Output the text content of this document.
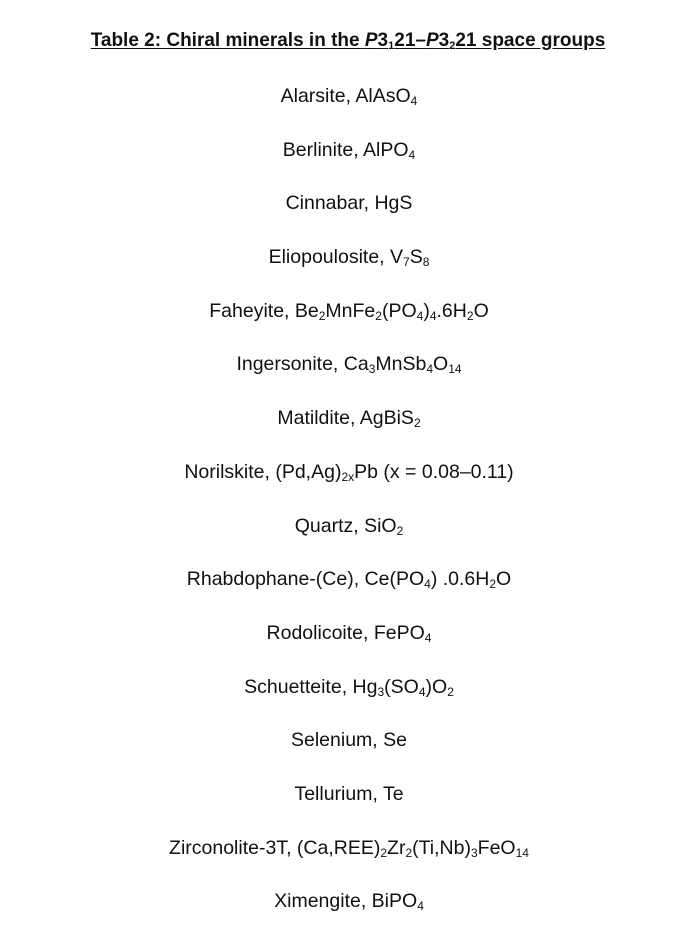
Table 2: Chiral minerals in the $P3_121-P3_221$ space groups
Alarsite, AlAsO$_4$
Berlinite, AlPO$_4$
Cinnabar, HgS
Eliopoulosite, $V_7S_8$
Faheyite, $Be_2MnFe_2(PO_4)_4.6H_2O$
Ingersonite, $Ca_3MnSb_4O_{14}$
Matildite, AgBiS$_2$
Norilskite, $(Pd,Ag)_{2x}Pb$ (x = 0.08–0.11)
Quartz, SiO$_2$
Rhabdophane-(Ce), $Ce(PO_4)$ $.0.6H_2O$
Rodolicoite, FePO$_4$
Schuetteite, $Hg_3(SO_4)O_2$
Selenium, Se
Tellurium, Te
Zirconolite-3T, $(Ca,REE)_2Zr_2(Ti,Nb)_3FeO_{14}$
Ximengite, BiPO$_4$
